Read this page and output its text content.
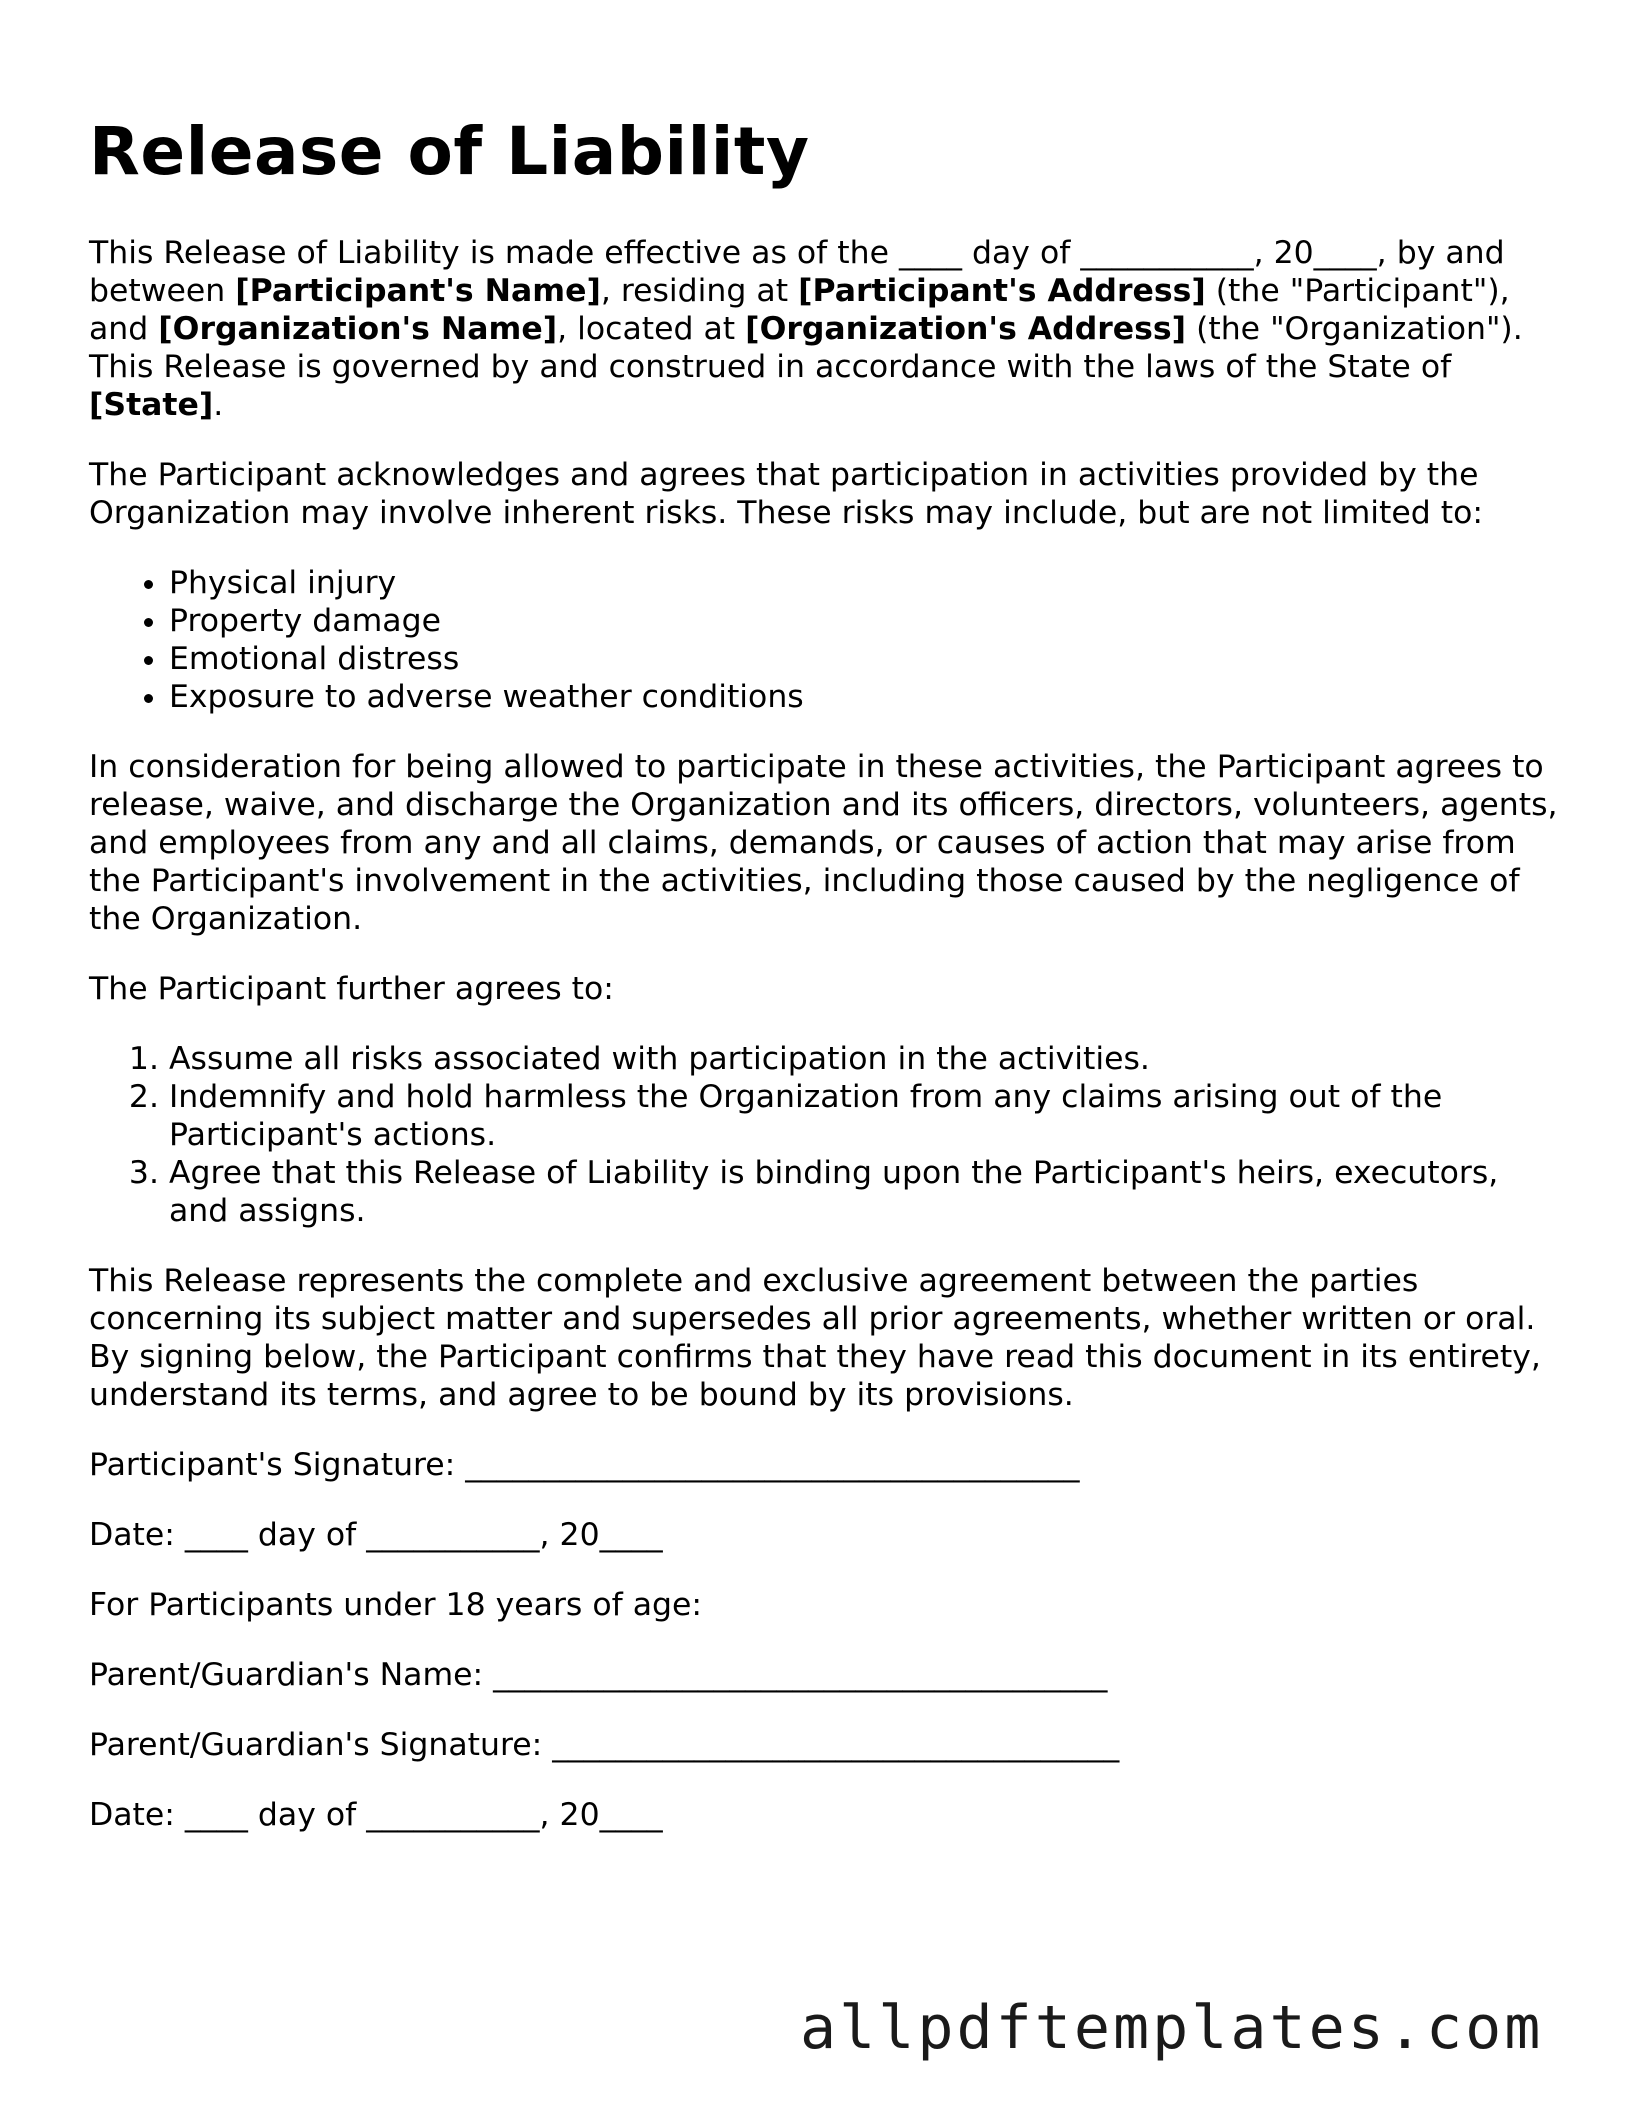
Release of Liability

This Release of Liability is made effective as of the ____ day of ___________, 20____, by and between [Participant's Name], residing at [Participant's Address] (the "Participant"), and [Organization's Name], located at [Organization's Address] (the "Organization"). This Release is governed by and construed in accordance with the laws of the State of [State].

The Participant acknowledges and agrees that participation in activities provided by the Organization may involve inherent risks. These risks may include, but are not limited to:

• Physical injury
• Property damage
• Emotional distress
• Exposure to adverse weather conditions

In consideration for being allowed to participate in these activities, the Participant agrees to release, waive, and discharge the Organization and its officers, directors, volunteers, agents, and employees from any and all claims, demands, or causes of action that may arise from the Participant's involvement in the activities, including those caused by the negligence of the Organization.

The Participant further agrees to:

1. Assume all risks associated with participation in the activities.
2. Indemnify and hold harmless the Organization from any claims arising out of the Participant's actions.
3. Agree that this Release of Liability is binding upon the Participant's heirs, executors, and assigns.

This Release represents the complete and exclusive agreement between the parties concerning its subject matter and supersedes all prior agreements, whether written or oral. By signing below, the Participant confirms that they have read this document in its entirety, understand its terms, and agree to be bound by its provisions.

Participant's Signature: _______________________________________

Date: ____ day of ___________, 20____

For Participants under 18 years of age:

Parent/Guardian's Name: _______________________________________

Parent/Guardian's Signature: ____________________________________

Date: ____ day of ___________, 20____

allpdftemplates.com
